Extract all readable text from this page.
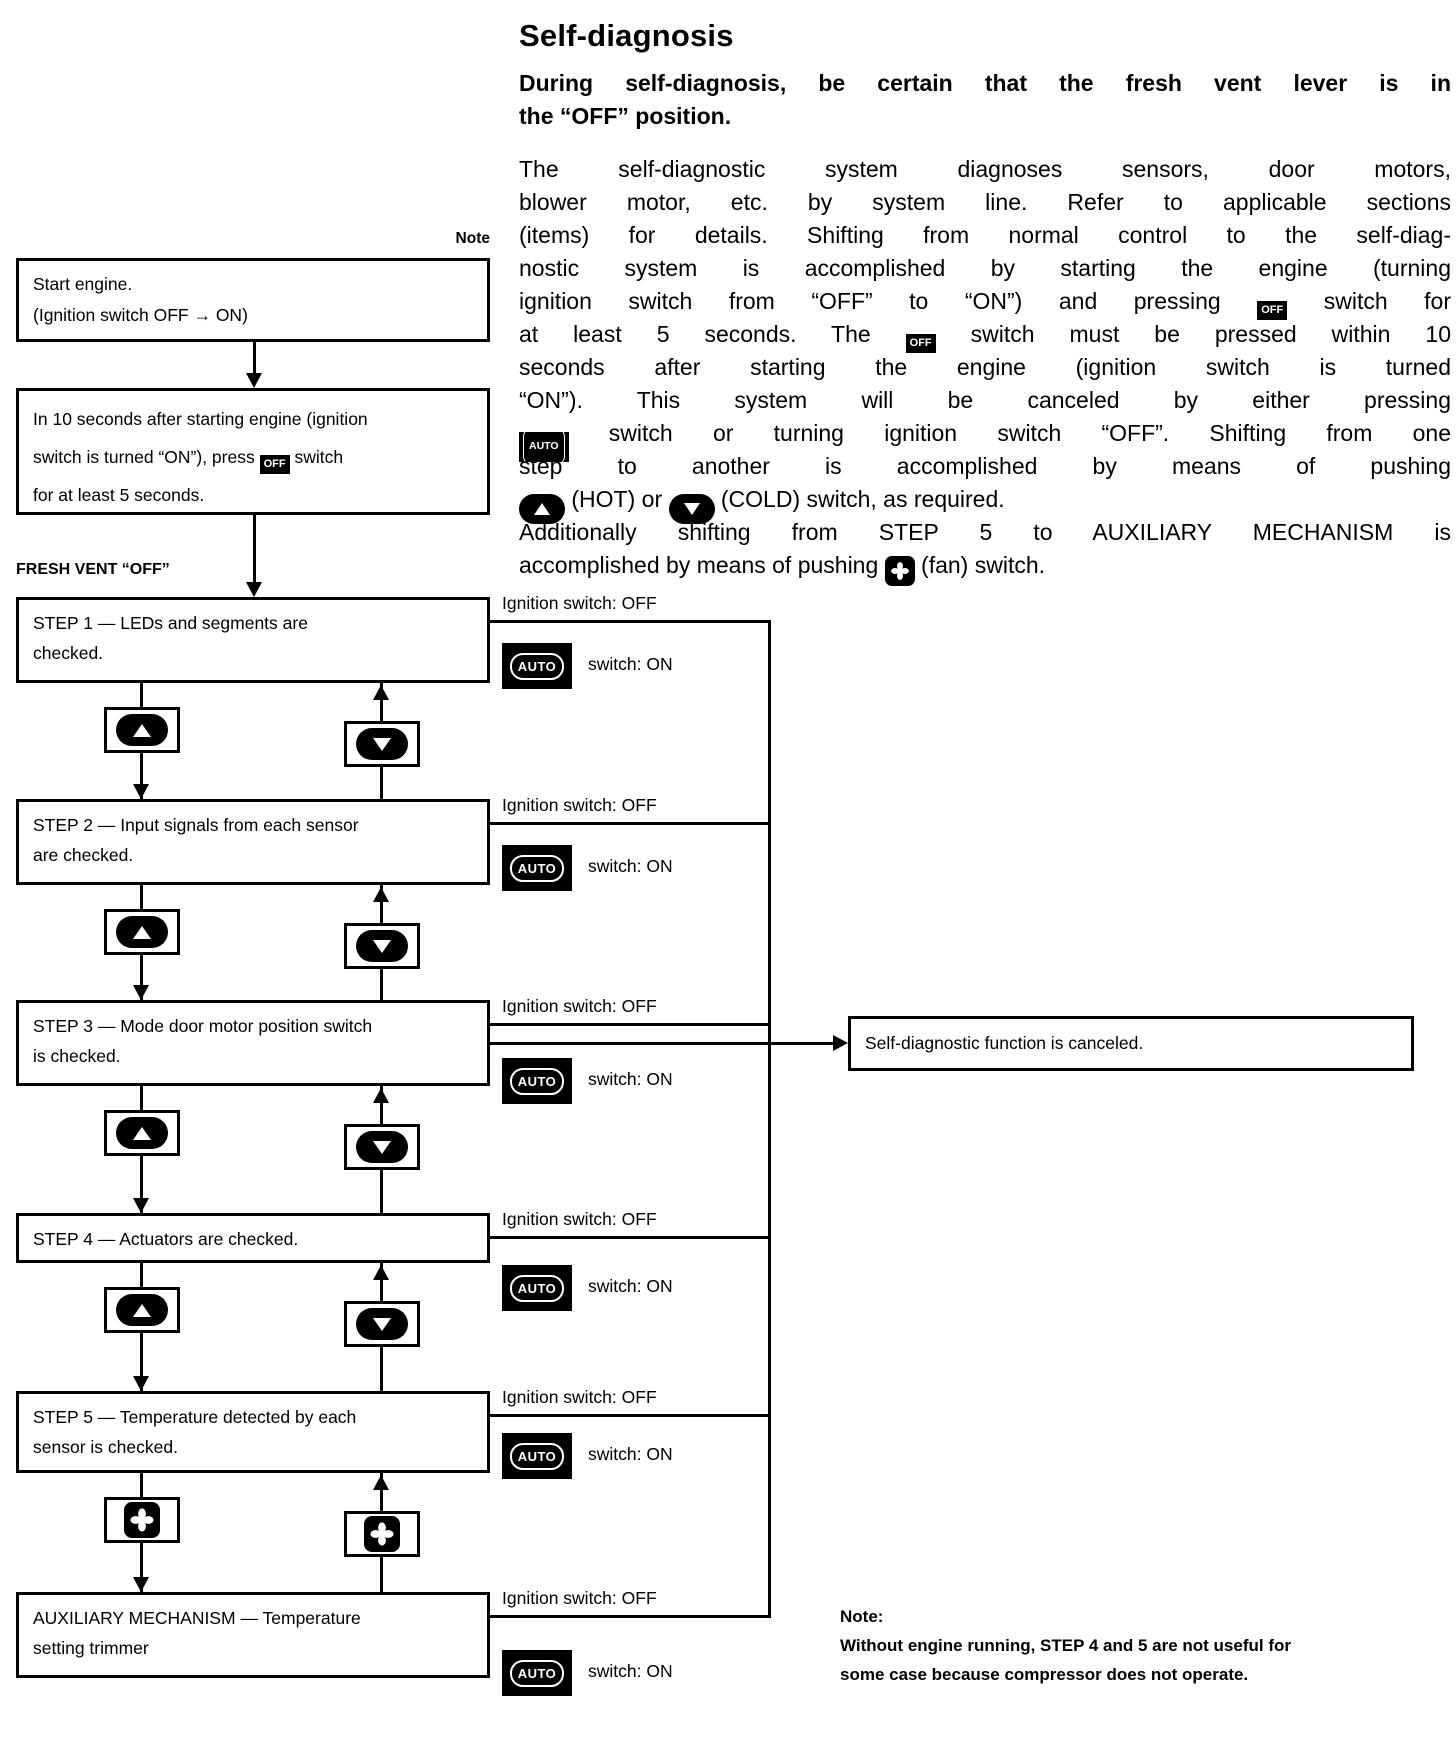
Self-diagnosis
During self-diagnosis, be certain that the fresh vent lever is in
the “OFF” position.
The self-diagnostic system diagnoses sensors, door motors,
blower motor, etc. by system line. Refer to applicable sections
(items) for details. Shifting from normal control to the self-diag-
nostic system is accomplished by starting the engine (turning
ignition switch from “OFF” to “ON”) and pressing OFF switch for
at least 5 seconds. The OFF switch must be pressed within 10
seconds after starting the engine (ignition switch is turned
“ON”). This system will be canceled by either pressing
AUTO switch or turning ignition switch “OFF”. Shifting from one
step to another is accomplished by means of pushing
(HOT) or
(COLD) switch, as required.
Additionally shifting from STEP 5 to AUXILIARY MECHANISM is
accomplished by means of pushing
(fan) switch.
Note
Start engine.
(Ignition switch OFF → ON)
In 10 seconds after starting engine (ignition
switch is turned “ON”), press OFF switch
for at least 5 seconds.
FRESH VENT “OFF”
STEP 1 — LEDs and segments are
checked.
Ignition switch: OFF
AUTO	switch: ON
STEP 2 — Input signals from each sensor
are checked.
Ignition switch: OFF
AUTO	switch: ON
STEP 3 — Mode door motor position switch
is checked.
Ignition switch: OFF
AUTO	switch: ON
STEP 4 — Actuators are checked.
Ignition switch: OFF
AUTO	switch: ON
STEP 5 — Temperature detected by each
sensor is checked.
Ignition switch: OFF
AUTO	switch: ON
AUXILIARY MECHANISM — Temperature
setting trimmer
Ignition switch: OFF
AUTO	switch: ON
Self-diagnostic function is canceled.
Note:
Without engine running, STEP 4 and 5 are not useful for
some case because compressor does not operate.
